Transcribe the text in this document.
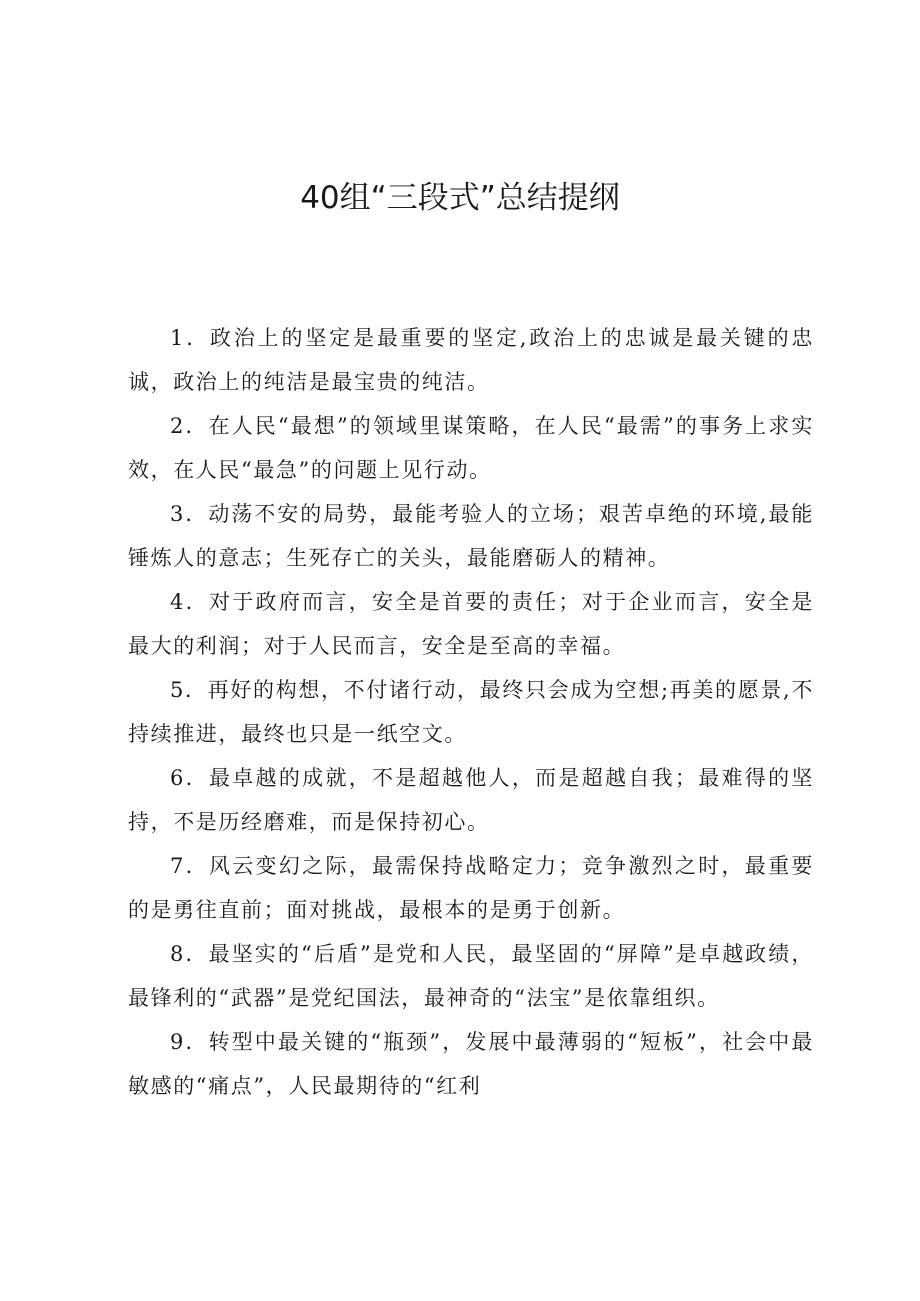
40组“三段式”总结提纲

1．政治上的坚定是最重要的坚定,政治上的忠诚是最关键的忠诚，政治上的纯洁是最宝贵的纯洁。

2．在人民“最想”的领域里谋策略，在人民“最需”的事务上求实效，在人民“最急”的问题上见行动。

3．动荡不安的局势，最能考验人的立场；艰苦卓绝的环境,最能锤炼人的意志；生死存亡的关头，最能磨砺人的精神。

4．对于政府而言，安全是首要的责任；对于企业而言，安全是最大的利润；对于人民而言，安全是至高的幸福。

5．再好的构想，不付诸行动，最终只会成为空想;再美的愿景,不持续推进，最终也只是一纸空文。

6．最卓越的成就，不是超越他人，而是超越自我；最难得的坚持，不是历经磨难，而是保持初心。

7．风云变幻之际，最需保持战略定力；竞争激烈之时，最重要的是勇往直前；面对挑战，最根本的是勇于创新。

8．最坚实的“后盾”是党和人民，最坚固的“屏障”是卓越政绩，最锋利的“武器”是党纪国法，最神奇的“法宝”是依靠组织。

9．转型中最关键的“瓶颈”，发展中最薄弱的“短板”，社会中最敏感的“痛点”，人民最期待的“红利
